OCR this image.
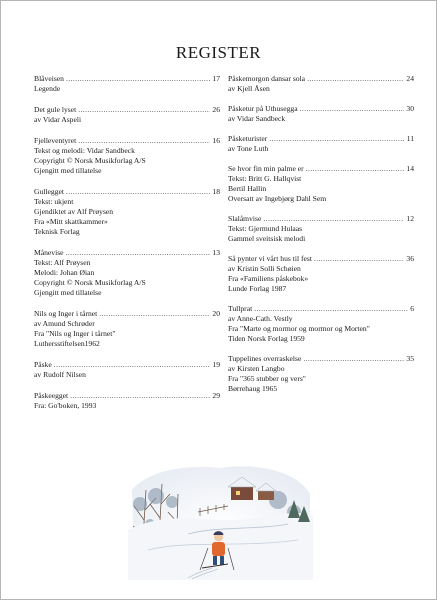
REGISTER
Blåveisen .....	17
Legende
Det gule lyset .....	26
av Vidar Aspeli
Fjelleventyret .....	16
Tekst og melodi: Vidar Sandbeck
Copyright © Norsk Musikforlag A/S
Gjengitt med tillatelse
Gullegget .....	18
Tekst: ukjent
Gjendiktet av Alf Prøysen
Fra «Mitt skattkammer»
Teknisk Forlag
Månevise .....	13
Tekst: Alf Prøysen
Melodi: Johan Øian
Copyright © Norsk Musikforlag A/S
Gjengitt med tillatelse
Nils og Inger i tårnet .....	20
av Amund Schrøder
Fra "Nils og Inger i tårnet"
Luthersstiftelsen1962
Påske .....	19
av Rudolf Nilsen
Påskeegget .....	29
Fra: Go'boken, 1993
Påskemorgon dansar sola .....	24
av Kjell Åsen
Påsketur på Uthusegga .....	30
av Vidar Sandbeck
Påsketurister .....	11
av Tone Luth
Se hvor fin min palme er .....	14
Tekst: Britt G. Hallqvist
Bertil Hallin
Oversatt av Ingebjørg Dahl Sem
Slalåmvise .....	12
Tekst: Gjermund Hulaas
Gammel sveitsisk melodi
Så pynter vi vårt hus til fest .....	36
av Kristin Solli Schøien
Fra «Familiens påskebok»
Lunde Forlag 1987
Tullprat .....	6
av Anne-Cath. Vestly
Fra "Marte og mormor og mormor og Morten"
Tiden Norsk Forlag 1959
Tuppelines overraskelse .....	35
av Kirsten Langbo
Fra "365 stubber og vers"
Børrehaug 1965
